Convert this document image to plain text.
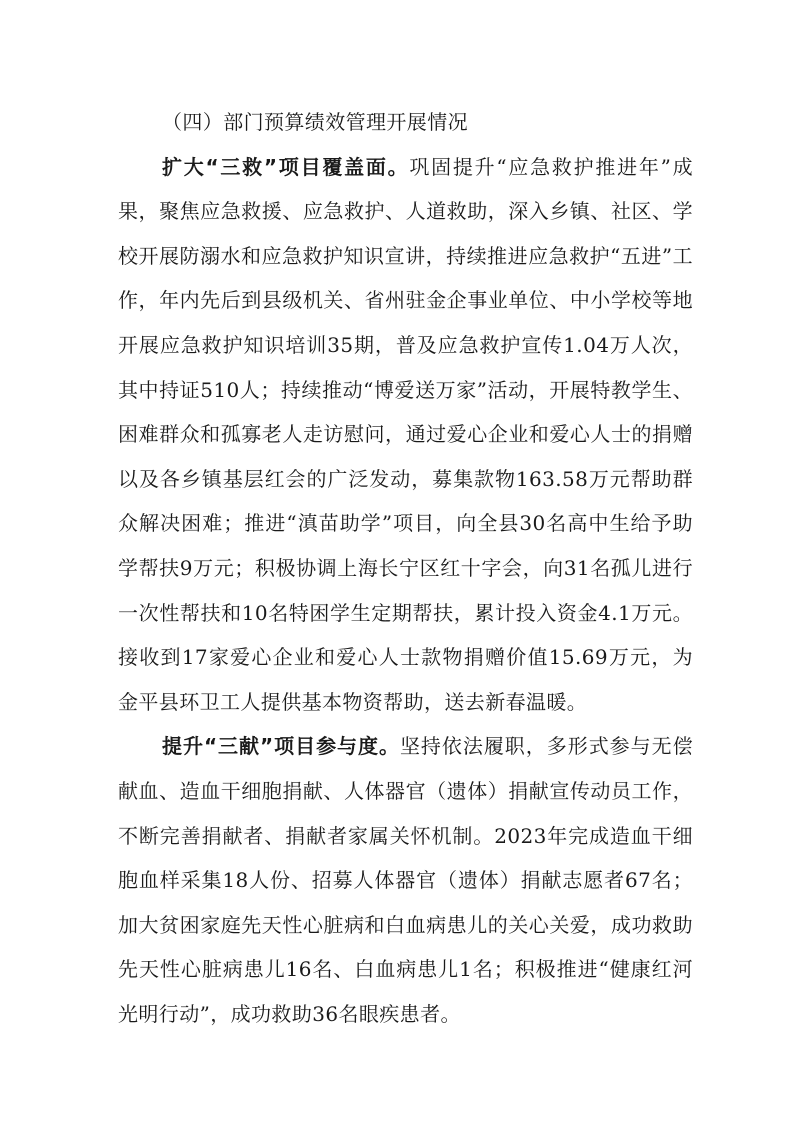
（四）部门预算绩效管理开展情况

扩大“三救”项目覆盖面。巩固提升“应急救护推进年”成果，聚焦应急救援、应急救护、人道救助，深入乡镇、社区、学校开展防溺水和应急救护知识宣讲，持续推进应急救护“五进”工作，年内先后到县级机关、省州驻金企事业单位、中小学校等地开展应急救护知识培训35期，普及应急救护宣传1.04万人次，其中持证510人；持续推动“博爱送万家”活动，开展特教学生、困难群众和孤寡老人走访慰问，通过爱心企业和爱心人士的捐赠以及各乡镇基层红会的广泛发动，募集款物163.58万元帮助群众解决困难；推进“滇苗助学”项目，向全县30名高中生给予助学帮扶9万元；积极协调上海长宁区红十字会，向31名孤儿进行一次性帮扶和10名特困学生定期帮扶，累计投入资金4.1万元。接收到17家爱心企业和爱心人士款物捐赠价值15.69万元，为金平县环卫工人提供基本物资帮助，送去新春温暖。

提升“三献”项目参与度。坚持依法履职，多形式参与无偿献血、造血干细胞捐献、人体器官（遗体）捐献宣传动员工作，不断完善捐献者、捐献者家属关怀机制。2023年完成造血干细胞血样采集18人份、招募人体器官（遗体）捐献志愿者67名；加大贫困家庭先天性心脏病和白血病患儿的关心关爱，成功救助先天性心脏病患儿16名、白血病患儿1名；积极推进“健康红河光明行动”，成功救助36名眼疾患者。
